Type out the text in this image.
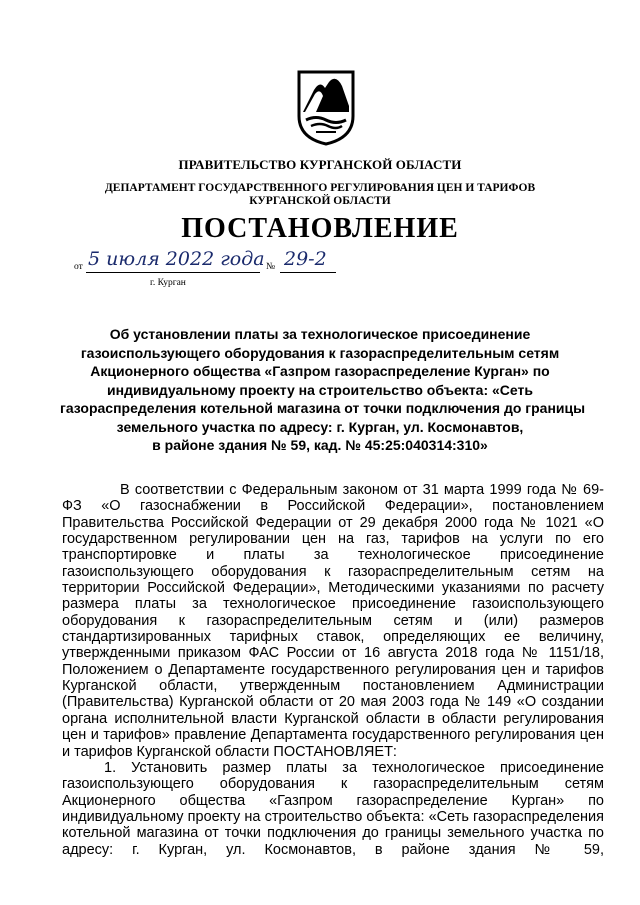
ПРАВИТЕЛЬСТВО КУРГАНСКОЙ ОБЛАСТИ
ДЕПАРТАМЕНТ ГОСУДАРСТВЕННОГО РЕГУЛИРОВАНИЯ ЦЕН И ТАРИФОВ
КУРГАНСКОЙ ОБЛАСТИ
ПОСТАНОВЛЕНИЕ
от 5 июля 2022 года № 29-2
г. Курган
Об установлении платы за технологическое присоединение
газоиспользующего оборудования к газораспределительным сетям
Акционерного общества «Газпром газораспределение Курган» по
индивидуальному проекту на строительство объекта: «Сеть
газораспределения котельной магазина от точки подключения до границы
земельного участка по адресу: г. Курган, ул. Космонавтов,
в районе здания № 59, кад. № 45:25:040314:310»

В соответствии с Федеральным законом от 31 марта 1999 года № 69-ФЗ «О газоснабжении в Российской Федерации», постановлением Правительства Российской Федерации от 29 декабря 2000 года № 1021 «О государственном регулировании цен на газ, тарифов на услуги по его транспортировке и платы за технологическое присоединение газоиспользующего оборудования к газораспределительным сетям на территории Российской Федерации», Методическими указаниями по расчету размера платы за технологическое присоединение газоиспользующего оборудования к газораспределительным сетям и (или) размеров стандартизированных тарифных ставок, определяющих ее величину, утвержденными приказом ФАС России от 16 августа 2018 года № 1151/18, Положением о Департаменте государственного регулирования цен и тарифов Курганской области, утвержденным постановлением Администрации (Правительства) Курганской области от 20 мая 2003 года № 149 «О создании органа исполнительной власти Курганской области в области регулирования цен и тарифов» правление Департамента государственного регулирования цен и тарифов Курганской области ПОСТАНОВЛЯЕТ:

1. Установить размер платы за технологическое присоединение газоиспользующего оборудования к газораспределительным сетям Акционерного общества «Газпром газораспределение Курган» по индивидуальному проекту на строительство объекта: «Сеть газораспределения котельной магазина от точки подключения до границы земельного участка по адресу: г. Курган, ул. Космонавтов, в районе здания № 59,
